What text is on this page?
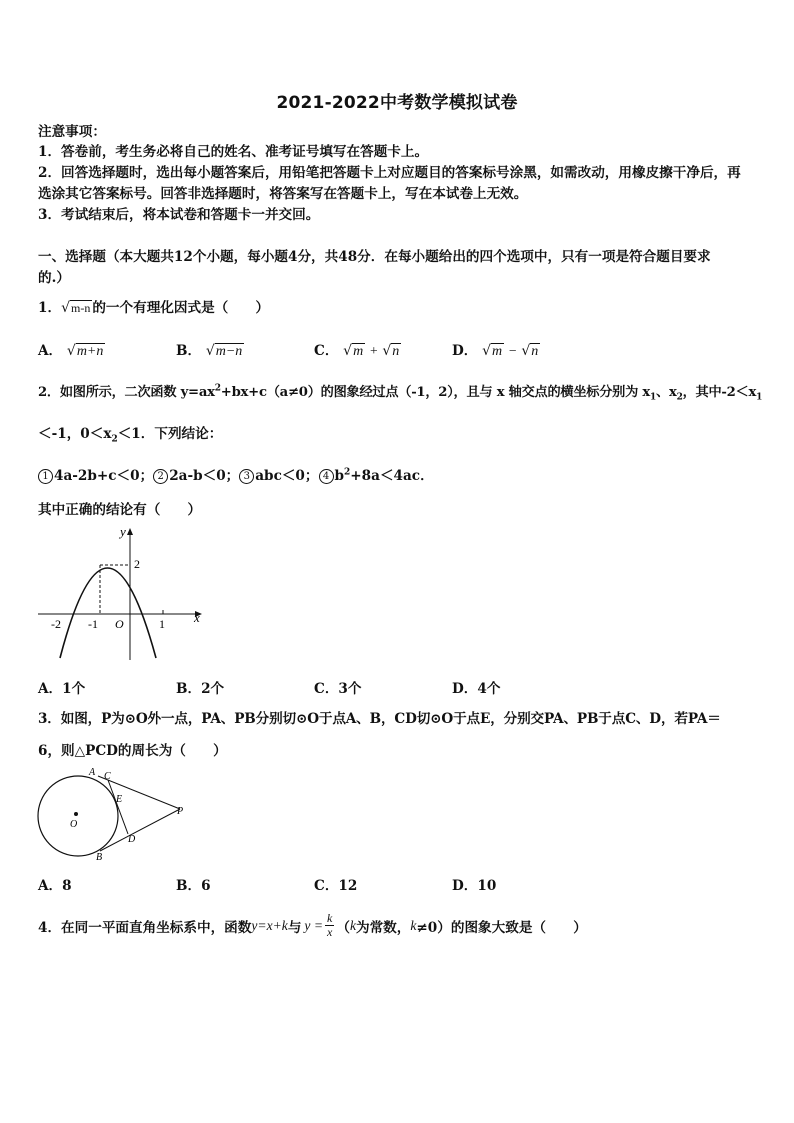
2021-2022中考数学模拟试卷
注意事项：
1．答卷前，考生务必将自己的姓名、准考证号填写在答题卡上。
2．回答选择题时，选出每小题答案后，用铅笔把答题卡上对应题目的答案标号涂黑，如需改动，用橡皮擦干净后，再
选涂其它答案标号。回答非选择题时，将答案写在答题卡上，写在本试卷上无效。
3．考试结束后，将本试卷和答题卡一并交回。
一、选择题（本大题共12个小题，每小题4分，共48分．在每小题给出的四个选项中，只有一项是符合题目要求
的.）
1．√m-n 的一个有理化因式是（　　）
A． √m+n	B． √m−n	C． √m + √n	D． √m − √n
2．如图所示，二次函数 $y=ax^2+bx+c(a\ne 0)$的图象经过点（-1，2），且与 x 轴交点的横坐标分别为 $x_1$、$x_2$，其中$-2<x_1$
＜-1，$0<x_2<1$．下列结论：
1 4a-2b+c＜0； 2 2a-b＜0； 3 abc＜0； 4 $b^2+8a<4ac$．
其中正确的结论有（　　）
y
x
2
-2 -1 O	1
A．1个	B．2个	C．3个	D．4个
3．如图，P为⊙O外一点，PA、PB分别切⊙O于点A、B，CD切⊙O于点E，分别交PA、PB于点C、D，若PA＝
6，则△PCD的周长为（　　）
A C
E
P
O
D
B
A．8	B．6	C．12	D．10
4．在同一平面直角坐标系中，函数 y=x+k 与 $y = \frac{k}{x}$ （ k 为常数， k ≠0）的图象大致是（　　）
